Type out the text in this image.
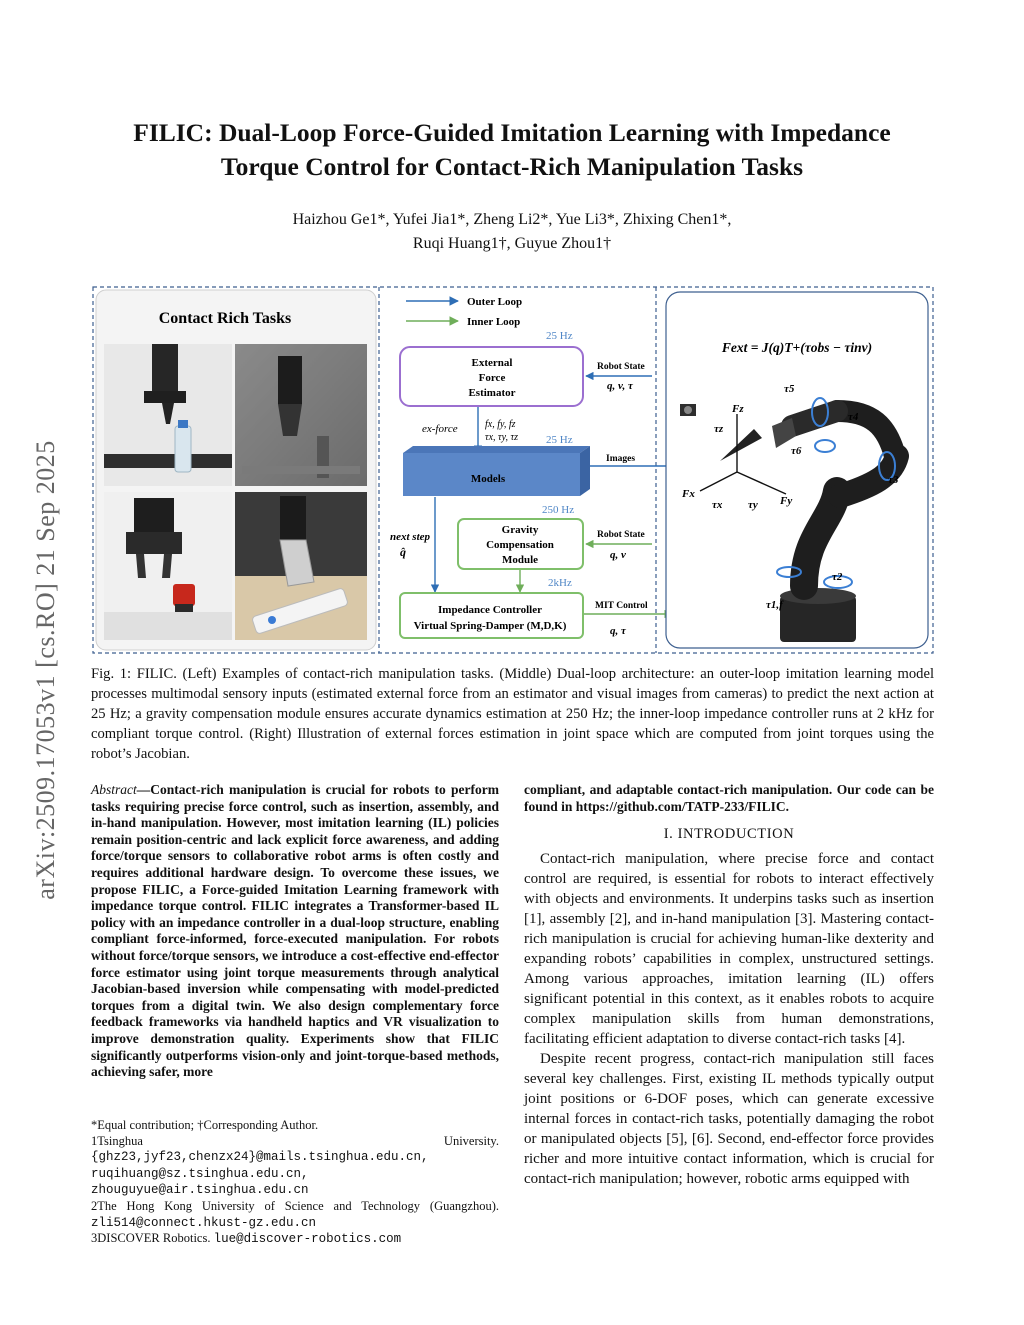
arXiv:2509.17053v1 [cs.RO] 21 Sep 2025
FILIC: Dual-Loop Force-Guided Imitation Learning with Impedance
Torque Control for Contact-Rich Manipulation Tasks
Haizhou Ge1*, Yufei Jia1*, Zheng Li2*, Yue Li3*, Zhixing Chen1*,
Ruqi Huang1†, Guyue Zhou1†
Contact Rich Tasks
Outer Loop
Inner Loop
25 Hz
External
Force
Estimator
Robot State
q, v, τ
ex-force	fx, fy, fz
τx, τy, τz	25 Hz
Images
Models
250 Hz
next step
q̂
Gravity
Compensation
Module
Robot State
q, v
2kHz
Impedance Controller
Virtual Spring-Damper (M,D,K)
MIT Control
q, τ
Fext = J(q)T+(τobs − τinv)
τ5
τ4
τ6
τ3
τ2
τ1,f
Fz
τz
Fx
τx τy Fy
Fig. 1: FILIC. (Left) Examples of contact-rich manipulation tasks. (Middle) Dual-loop architecture: an outer-loop imitation learning model processes multimodal sensory inputs (estimated external force from an estimator and visual images from cameras) to predict the next action at 25 Hz; a gravity compensation module ensures accurate dynamics estimation at 250 Hz; the inner-loop impedance controller runs at 2 kHz for compliant torque control. (Right) Illustration of external forces estimation in joint space which are computed from joint torques using the robot’s Jacobian.
Abstract—Contact-rich manipulation is crucial for robots to perform tasks requiring precise force control, such as insertion, assembly, and in-hand manipulation. However, most imitation learning (IL) policies remain position-centric and lack explicit force awareness, and adding force/torque sensors to collaborative robot arms is often costly and requires additional hardware design. To overcome these issues, we propose FILIC, a Force-guided Imitation Learning framework with impedance torque control. FILIC integrates a Transformer-based IL policy with an impedance controller in a dual-loop structure, enabling compliant force-informed, force-executed manipulation. For robots without force/torque sensors, we introduce a cost-effective end-effector force estimator using joint torque measurements through analytical Jacobian-based inversion while compensating with model-predicted torques from a digital twin. We also design complementary force feedback frameworks via handheld haptics and VR visualization to improve demonstration quality. Experiments show that FILIC significantly outperforms vision-only and joint-torque-based methods, achieving safer, more
compliant, and adaptable contact-rich manipulation. Our code can be found in https://github.com/TATP-233/FILIC.
I. INTRODUCTION

Contact-rich manipulation, where precise force and contact control are required, is essential for robots to interact effectively with objects and environments. It underpins tasks such as insertion [1], assembly [2], and in-hand manipulation [3]. Mastering contact-rich manipulation is crucial for achieving human-like dexterity and expanding robots’ capabilities in complex, unstructured settings. Among various approaches, imitation learning (IL) offers significant potential in this context, as it enables robots to acquire complex manipulation skills from human demonstrations, facilitating efficient adaptation to diverse contact-rich tasks [4].

Despite recent progress, contact-rich manipulation still faces several key challenges. First, existing IL methods typically output joint positions or 6-DOF poses, which can generate excessive internal forces in contact-rich tasks, potentially damaging the robot or manipulated objects [5], [6]. Second, end-effector force provides richer and more intuitive contact information, which is crucial for contact-rich manipulation; however, robotic arms equipped with

*Equal contribution; †Corresponding Author.
1Tsinghua University. {ghz23,jyf23,chenzx24}@mails.tsinghua.edu.cn, ruqihuang@sz.tsinghua.edu.cn, zhouguyue@air.tsinghua.edu.cn
2The Hong Kong University of Science and Technology (Guangzhou). zli514@connect.hkust-gz.edu.cn
3DISCOVER Robotics. lue@discover-robotics.com
